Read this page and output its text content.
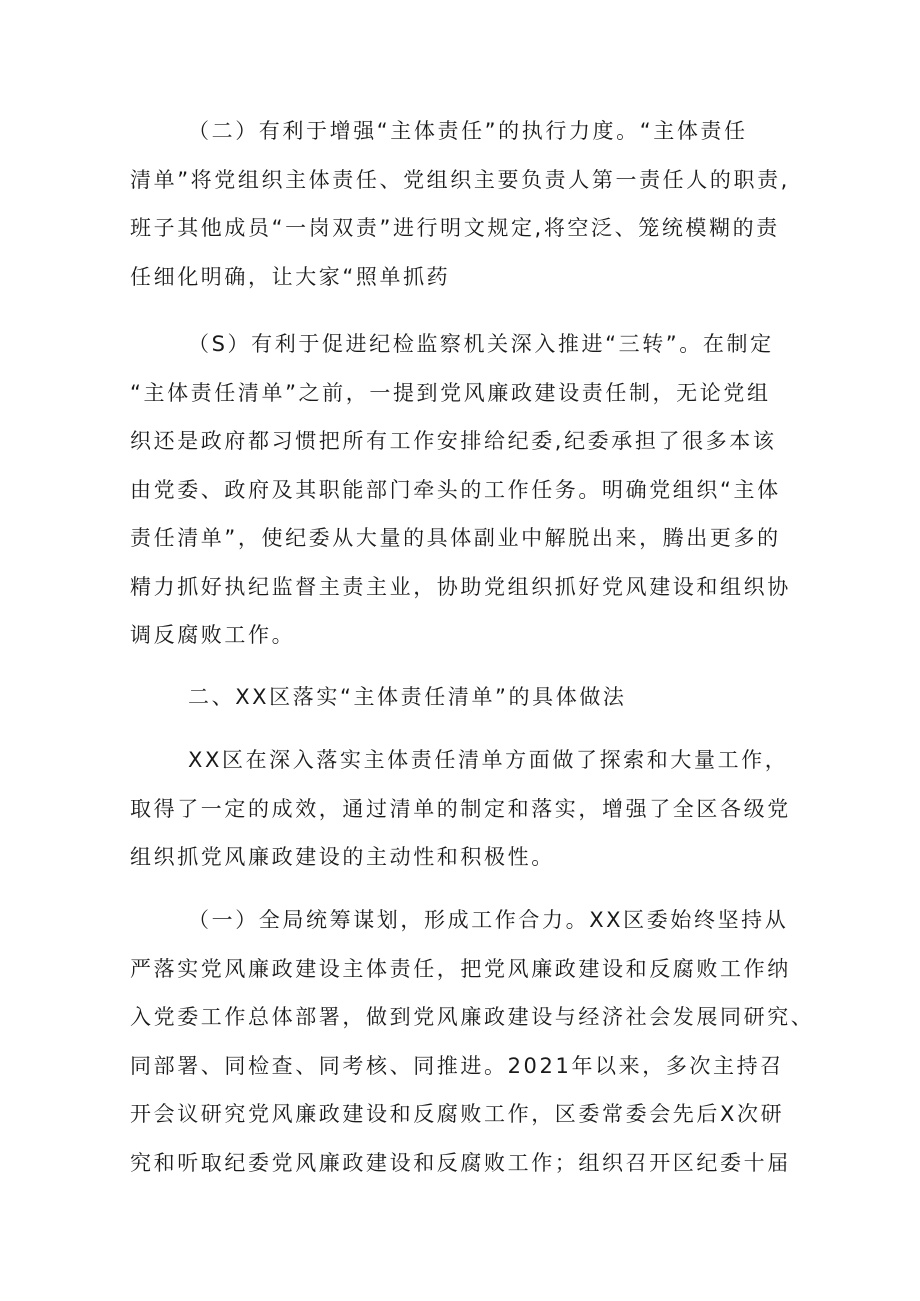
（二）有利于增强“主体责任”的执行力度。“主体责任
清单”将党组织主体责任、党组织主要负责人第一责任人的职责,
班子其他成员“一岗双责”进行明文规定,将空泛、笼统模糊的责
任细化明确，让大家“照单抓药
（S）有利于促进纪检监察机关深入推进“三转”。在制定
“主体责任清单”之前，一提到党风廉政建设责任制，无论党组
织还是政府都习惯把所有工作安排给纪委,纪委承担了很多本该
由党委、政府及其职能部门牵头的工作任务。明确党组织“主体
责任清单”，使纪委从大量的具体副业中解脱出来，腾出更多的
精力抓好执纪监督主责主业，协助党组织抓好党风建设和组织协
调反腐败工作。
二、XX区落实“主体责任清单”的具体做法
XX区在深入落实主体责任清单方面做了探索和大量工作，
取得了一定的成效，通过清单的制定和落实，增强了全区各级党
组织抓党风廉政建设的主动性和积极性。
（一）全局统筹谋划，形成工作合力。XX区委始终坚持从
严落实党风廉政建设主体责任，把党风廉政建设和反腐败工作纳
入党委工作总体部署，做到党风廉政建设与经济社会发展同研究、
同部署、同检查、同考核、同推进。2021年以来，多次主持召
开会议研究党风廉政建设和反腐败工作，区委常委会先后X次研
究和听取纪委党风廉政建设和反腐败工作；组织召开区纪委十届
